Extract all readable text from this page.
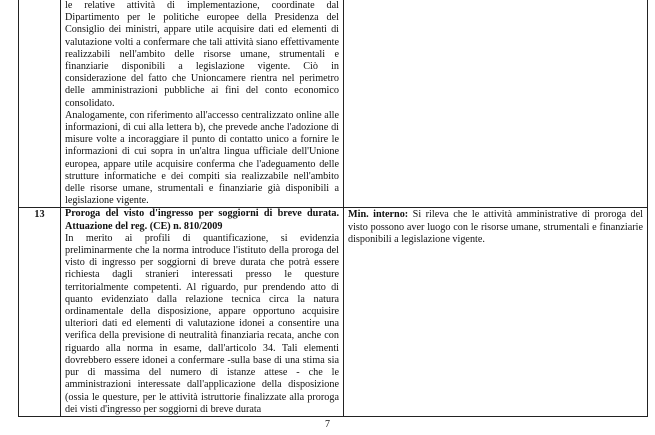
	le relative attività di implementazione, coordinate dal Dipartimento per le politiche europee della Presidenza del Consiglio dei ministri, appare utile acquisire dati ed elementi di valutazione volti a confermare che tali attività siano effettivamente realizzabili nell'ambito delle risorse umane, strumentali e finanziarie disponibili a legislazione vigente. Ciò in considerazione del fatto che Unioncamere rientra nel perimetro delle amministrazioni pubbliche ai fini del conto economico consolidato.

Analogamente, con riferimento all'accesso centralizzato online alle informazioni, di cui alla lettera b), che prevede anche l'adozione di misure volte a incoraggiare il punto di contatto unico a fornire le informazioni di cui sopra in un'altra lingua ufficiale dell'Unione europea, appare utile acquisire conferma che l'adeguamento delle strutture informatiche e dei compiti sia realizzabile nell'ambito delle risorse umane, strumentali e finanziarie già disponibili a legislazione vigente.	

13	Proroga del visto d'ingresso per soggiorni di breve durata. Attuazione del reg. (CE) n. 810/2009

In merito ai profili di quantificazione, si evidenzia preliminarmente che la norma introduce l'istituto della proroga del visto di ingresso per soggiorni di breve durata che potrà essere richiesta dagli stranieri interessati presso le questure territorialmente competenti. Al riguardo, pur prendendo atto di quanto evidenziato dalla relazione tecnica circa la natura ordinamentale della disposizione, appare opportuno acquisire ulteriori dati ed elementi di valutazione idonei a consentire una verifica della previsione di neutralità finanziaria recata, anche con riguardo alla norma in esame, dall'articolo 34. Tali elementi dovrebbero essere idonei a confermare -sulla base di una stima sia pur di massima del numero di istanze attese - che le amministrazioni interessate dall'applicazione della disposizione (ossia le questure, per le attività istruttorie finalizzate alla proroga dei visti d'ingresso per soggiorni di breve durata	Min. interno: Si rileva che le attività amministrative di proroga del visto possono aver luogo con le risorse umane, strumentali e finanziarie disponibili a legislazione vigente.

7
